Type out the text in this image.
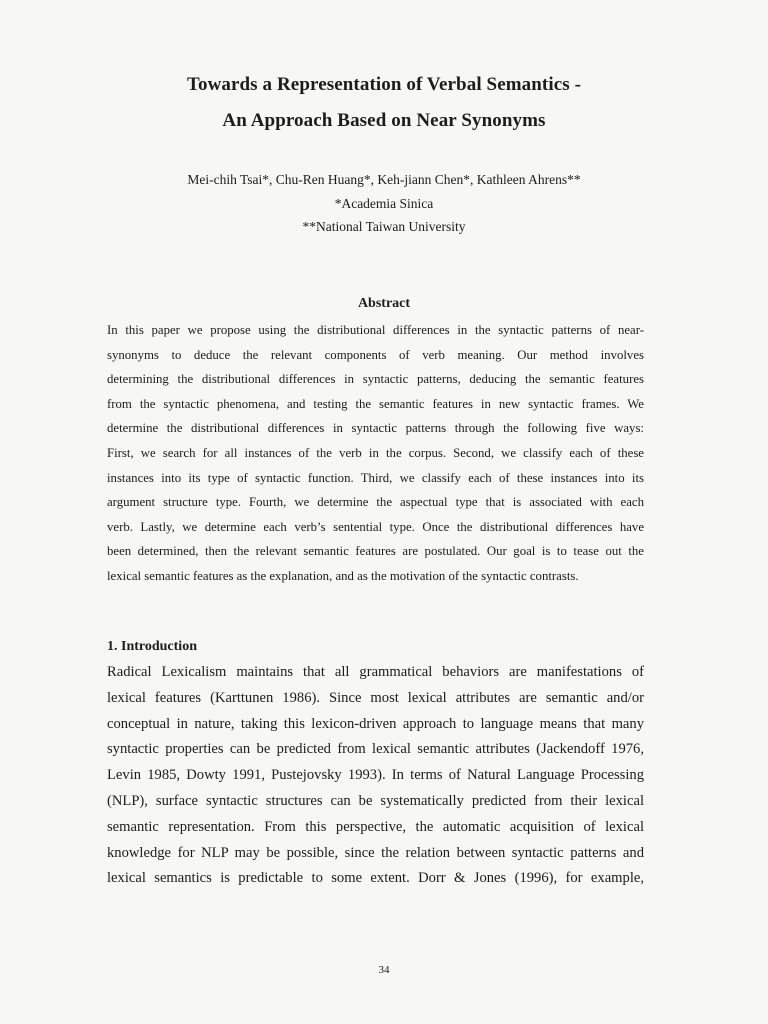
Towards a Representation of Verbal Semantics -
An Approach Based on Near Synonyms
Mei-chih Tsai*, Chu-Ren Huang*, Keh-jiann Chen*, Kathleen Ahrens**
*Academia Sinica
**National Taiwan University
Abstract
In this paper we propose using the distributional differences in the syntactic patterns of near-
synonyms to deduce the relevant components of verb meaning. Our method involves
determining the distributional differences in syntactic patterns, deducing the semantic features
from the syntactic phenomena, and testing the semantic features in new syntactic frames. We
determine the distributional differences in syntactic patterns through the following five ways:
First, we search for all instances of the verb in the corpus. Second, we classify each of these
instances into its type of syntactic function. Third, we classify each of these instances into its
argument structure type. Fourth, we determine the aspectual type that is associated with each
verb. Lastly, we determine each verb’s sentential type. Once the distributional differences have
been determined, then the relevant semantic features are postulated. Our goal is to tease out the
lexical semantic features as the explanation, and as the motivation of the syntactic contrasts.
1. Introduction
Radical Lexicalism maintains that all grammatical behaviors are manifestations of
lexical features (Karttunen 1986). Since most lexical attributes are semantic and/or
conceptual in nature, taking this lexicon-driven approach to language means that many
syntactic properties can be predicted from lexical semantic attributes (Jackendoff 1976,
Levin 1985, Dowty 1991, Pustejovsky 1993). In terms of Natural Language Processing
(NLP), surface syntactic structures can be systematically predicted from their lexical
semantic representation. From this perspective, the automatic acquisition of lexical
knowledge for NLP may be possible, since the relation between syntactic patterns and
lexical semantics is predictable to some extent. Dorr & Jones (1996), for example,
34
